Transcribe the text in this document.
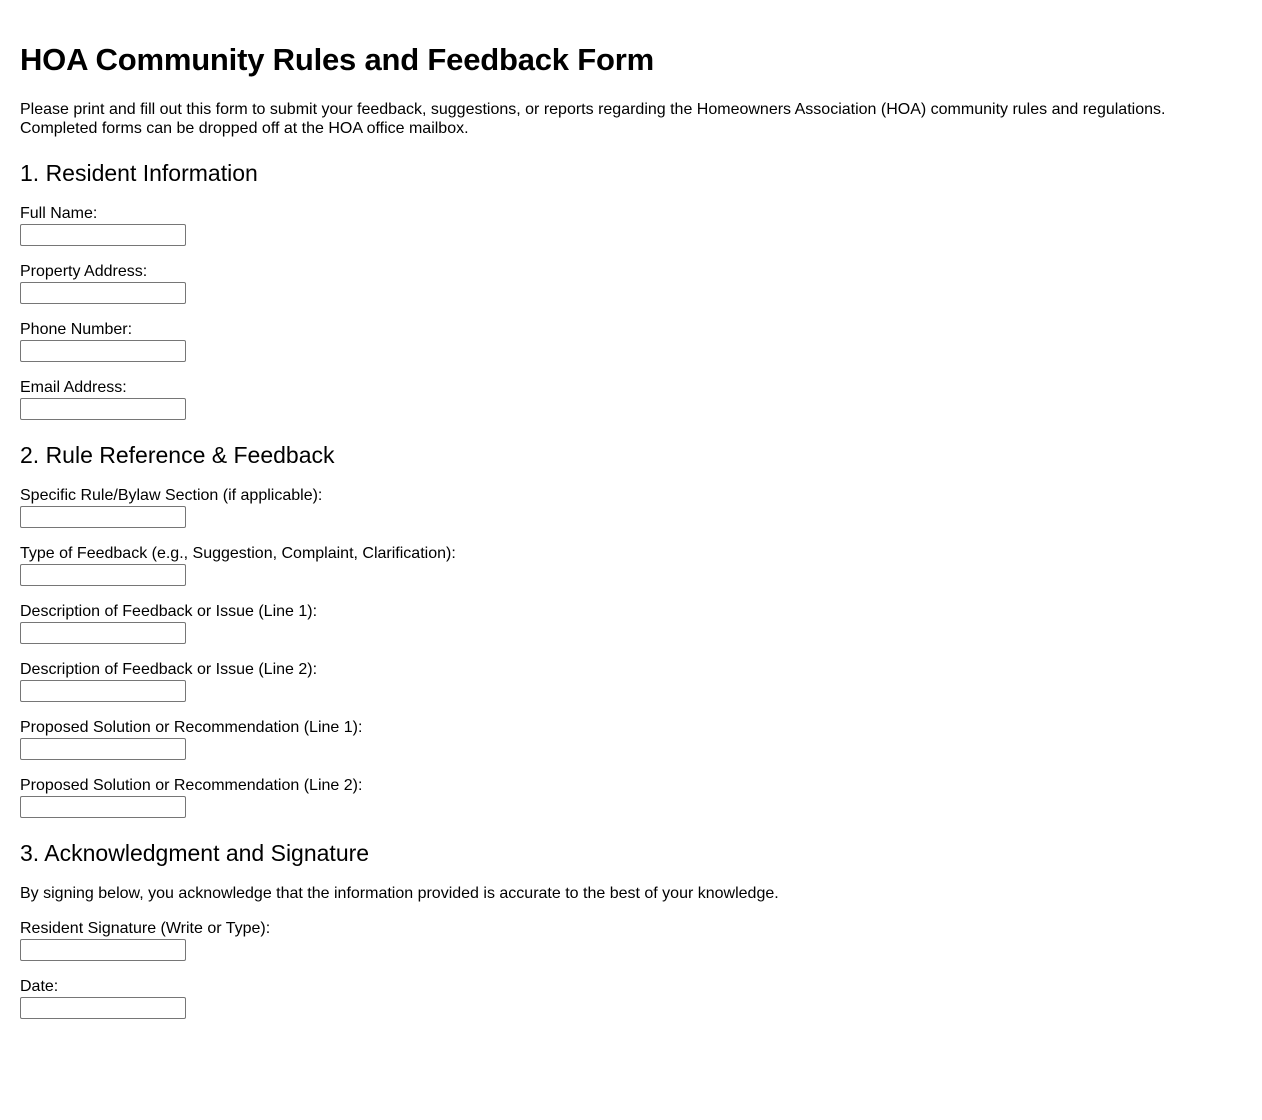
HOA Community Rules and Feedback Form

Please print and fill out this form to submit your feedback, suggestions, or reports regarding the Homeowners Association (HOA) community rules and regulations. Completed forms can be dropped off at the HOA office mailbox.

1. Resident Information
Full Name:
Property Address:
Phone Number:
Email Address:
2. Rule Reference & Feedback
Specific Rule/Bylaw Section (if applicable):
Type of Feedback (e.g., Suggestion, Complaint, Clarification):
Description of Feedback or Issue (Line 1):
Description of Feedback or Issue (Line 2):
Proposed Solution or Recommendation (Line 1):
Proposed Solution or Recommendation (Line 2):
3. Acknowledgment and Signature

By signing below, you acknowledge that the information provided is accurate to the best of your knowledge.

Resident Signature (Write or Type):
Date:
